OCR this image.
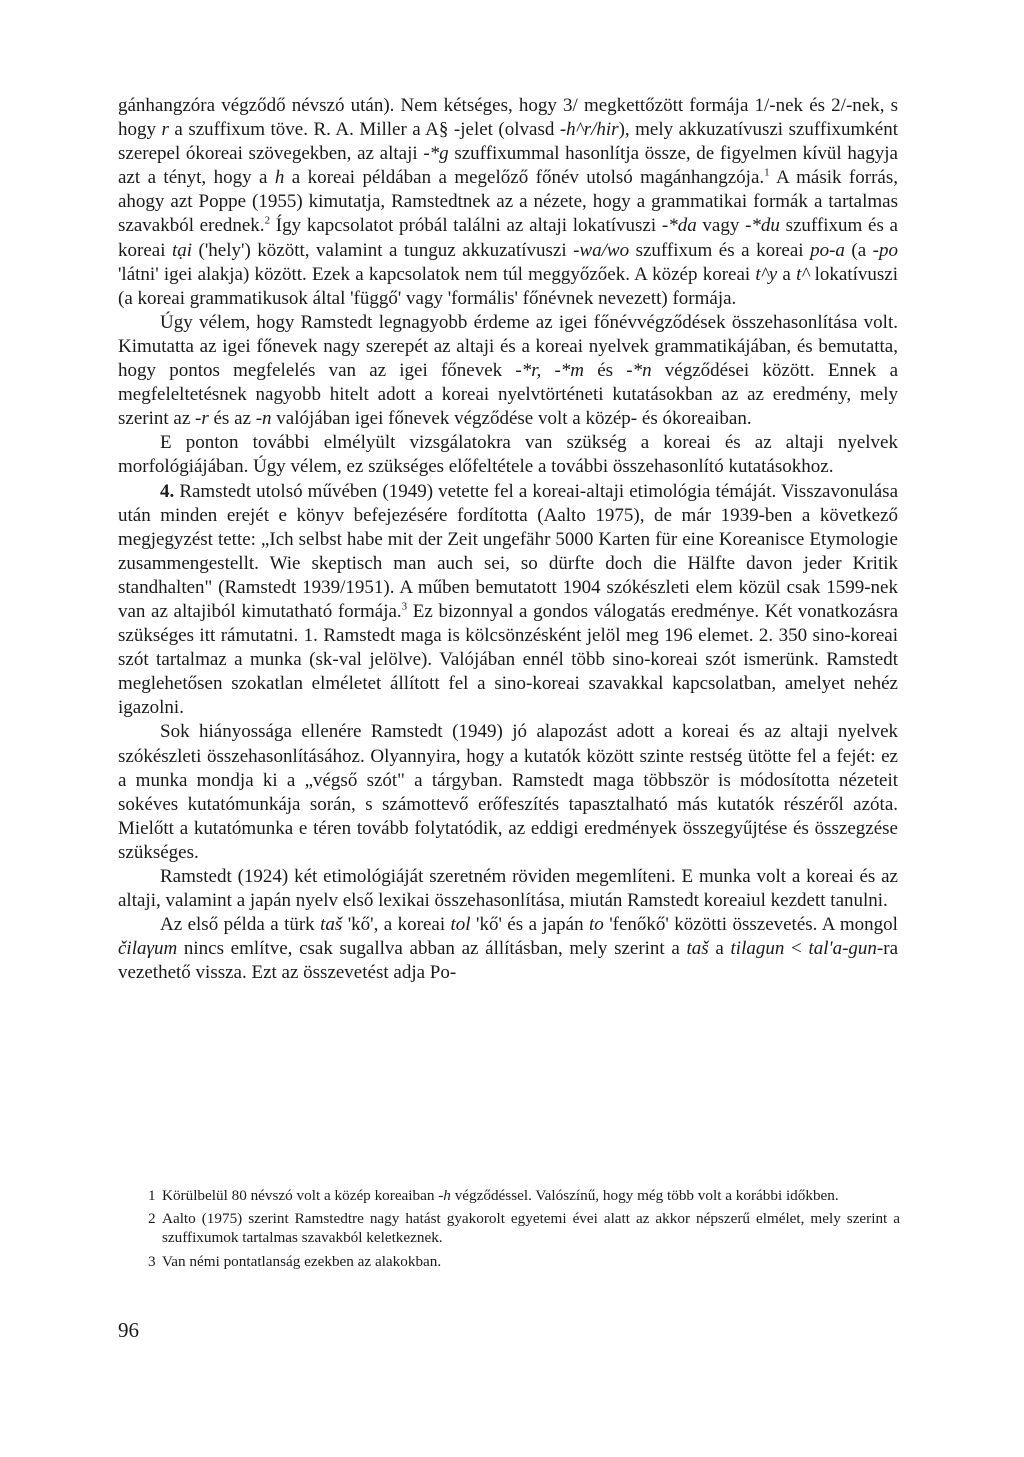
gánhangzóra végződő névszó után). Nem kétséges, hogy 3/ megkettőzött formája 1/-nek és 2/-nek, s hogy r a szuffixum töve. R. A. Miller a A§ -jelet (olvasd -h^r/hir), mely akkuzatívuszi szuffixumként szerepel ókoreai szövegekben, az altaji -*g szuffixummal hasonlítja össze, de figyelmen kívül hagyja azt a tényt, hogy a h a koreai példában a megelőző főnév utolsó magánhangzója.$^1$ A másik forrás, ahogy azt Poppe (1955) kimutatja, Ramstedtnek az a nézete, hogy a grammatikai formák a tartalmas szavakból erednek.$^2$ Így kapcsolatot próbál találni az altaji lokatívuszi -*da vagy -*du szuffixum és a koreai tại ('hely') között, valamint a tunguz akkuzatívuszi -wa/wo szuffixum és a koreai po-a (a -po 'látni' igei alakja) között. Ezek a kapcsolatok nem túl meggyőzőek. A közép koreai t^y a t^ lokatívuszi (a koreai grammatikusok által 'függő' vagy 'formális' főnévnek nevezett) formája.

Úgy vélem, hogy Ramstedt legnagyobb érdeme az igei főnévvégződések összehasonlítása volt. Kimutatta az igei főnevek nagy szerepét az altaji és a koreai nyelvek grammatikájában, és bemutatta, hogy pontos megfelelés van az igei főnevek -*r, -*m és -*n végződései között. Ennek a megfeleltetésnek nagyobb hitelt adott a koreai nyelvtörténeti kutatásokban az az eredmény, mely szerint az -r és az -n valójában igei főnevek végződése volt a közép- és ókoreaiban.

E ponton további elmélyült vizsgálatokra van szükség a koreai és az altaji nyelvek morfológiájában. Úgy vélem, ez szükséges előfeltétele a további összehasonlító kutatásokhoz.

4. Ramstedt utolsó művében (1949) vetette fel a koreai-altaji etimológia témáját. Visszavonulása után minden erejét e könyv befejezésére fordította (Aalto 1975), de már 1939-ben a következő megjegyzést tette: „Ich selbst habe mit der Zeit ungefähr 5000 Karten für eine Koreanisce Etymologie zusammengestellt. Wie skeptisch man auch sei, so dürfte doch die Hälfte davon jeder Kritik standhalten" (Ramstedt 1939/1951). A műben bemutatott 1904 szókészleti elem közül csak 1599-nek van az altajiból kimutatható formája.$^3$ Ez bizonnyal a gondos válogatás eredménye. Két vonatkozásra szükséges itt rámutatni. 1. Ramstedt maga is kölcsönzésként jelöl meg 196 elemet. 2. 350 sino-koreai szót tartalmaz a munka (sk-val jelölve). Valójában ennél több sino-koreai szót ismerünk. Ramstedt meglehetősen szokatlan elméletet állított fel a sino-koreai szavakkal kapcsolatban, amelyet nehéz igazolni.

Sok hiányossága ellenére Ramstedt (1949) jó alapozást adott a koreai és az altaji nyelvek szókészleti összehasonlításához. Olyannyira, hogy a kutatók között szinte restség ütötte fel a fejét: ez a munka mondja ki a „végső szót" a tárgyban. Ramstedt maga többször is módosította nézeteit sokéves kutatómunkája során, s számottevő erőfeszítés tapasztalható más kutatók részéről azóta. Mielőtt a kutatómunka e téren tovább folytatódik, az eddigi eredmények összegyűjtése és összegzése szükséges.

Ramstedt (1924) két etimológiáját szeretném röviden megemlíteni. E munka volt a koreai és az altaji, valamint a japán nyelv első lexikai összehasonlítása, miután Ramstedt koreaiul kezdett tanulni.

Az első példa a türk taš 'kő', a koreai tol 'kő' és a japán to 'fenőkő' közötti összevetés. A mongol čilaγum nincs említve, csak sugallva abban az állításban, mely szerint a taš a tilagun < tal'a-gun-ra vezethető vissza. Ezt az összevetést adja Po-

1 Körülbelül 80 névszó volt a közép koreaiban -h végződéssel. Valószínű, hogy még több volt a korábbi időkben.
2 Aalto (1975) szerint Ramstedtre nagy hatást gyakorolt egyetemi évei alatt az akkor népszerű elmélet, mely szerint a szuffixumok tartalmas szavakból keletkeznek.
3 Van némi pontatlanság ezekben az alakokban.
96
